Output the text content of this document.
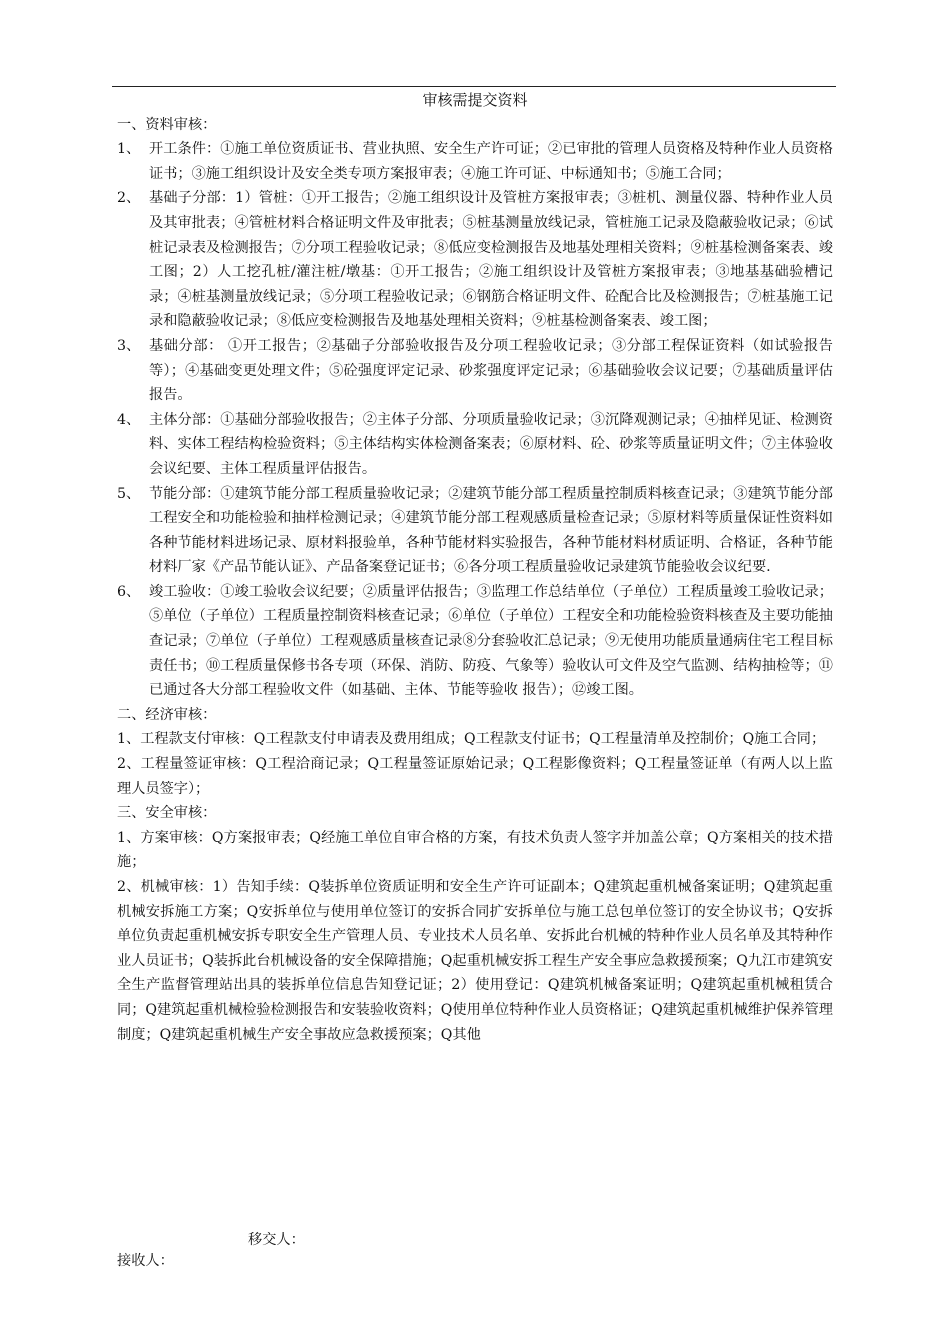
审核需提交资料

一、资料审核：

1、 开工条件：①施工单位资质证书、营业执照、安全生产许可证；②已审批的管理人员资格及特种作业人员资格证书；③施工组织设计及安全类专项方案报审表；④施工许可证、中标通知书；⑤施工合同；
2、 基础子分部：1）管桩：①开工报告；②施工组织设计及管桩方案报审表；③桩机、测量仪器、特种作业人员及其审批表；④管桩材料合格证明文件及审批表；⑤桩基测量放线记录，管桩施工记录及隐蔽验收记录；⑥试桩记录表及检测报告；⑦分项工程验收记录；⑧低应变检测报告及地基处理相关资料；⑨桩基检测备案表、竣工图；2）人工挖孔桩/灌注桩/墩基：①开工报告；②施工组织设计及管桩方案报审表；③地基基础验槽记录；④桩基测量放线记录；⑤分项工程验收记录；⑥钢筋合格证明文件、砼配合比及检测报告；⑦桩基施工记录和隐蔽验收记录；⑧低应变检测报告及地基处理相关资料；⑨桩基检测备案表、竣工图；
3、 基础分部： ①开工报告；②基础子分部验收报告及分项工程验收记录；③分部工程保证资料（如试验报告等）；④基础变更处理文件；⑤砼强度评定记录、砂浆强度评定记录；⑥基础验收会议记要；⑦基础质量评估报告。
4、 主体分部：①基础分部验收报告；②主体子分部、分项质量验收记录；③沉降观测记录；④抽样见证、检测资料、实体工程结构检验资料；⑤主体结构实体检测备案表；⑥原材料、砼、砂浆等质量证明文件；⑦主体验收会议纪要、主体工程质量评估报告。
5、 节能分部：①建筑节能分部工程质量验收记录；②建筑节能分部工程质量控制质料核查记录；③建筑节能分部工程安全和功能检验和抽样检测记录；④建筑节能分部工程观感质量检查记录；⑤原材料等质量保证性资料如各种节能材料进场记录、原材料报验单，各种节能材料实验报告，各种节能材料材质证明、合格证，各种节能材料厂家《产品节能认证》、产品备案登记证书；⑥各分项工程质量验收记录建筑节能验收会议纪要.
6、 竣工验收：①竣工验收会议纪要；②质量评估报告；③监理工作总结单位（子单位）工程质量竣工验收记录；⑤单位（子单位）工程质量控制资料核查记录；⑥单位（子单位）工程安全和功能检验资料核查及主要功能抽查记录；⑦单位（子单位）工程观感质量核查记录⑧分套验收汇总记录；⑨无使用功能质量通病住宅工程目标责任书；⑩工程质量保修书各专项（环保、消防、防疫、气象等）验收认可文件及空气监测、结构抽检等；⑪已通过各大分部工程验收文件（如基础、主体、节能等验收 报告）；⑫竣工图。

二、经济审核：

1、工程款支付审核：Q工程款支付申请表及费用组成；Q工程款支付证书；Q工程量清单及控制价；Q施工合同；

2、工程量签证审核：Q工程洽商记录；Q工程量签证原始记录；Q工程影像资料；Q工程量签证单（有两人以上监理人员签字）；

三、安全审核：

1、方案审核：Q方案报审表；Q经施工单位自审合格的方案，有技术负责人签字并加盖公章；Q方案相关的技术措施；

2、机械审核：1）告知手续：Q装拆单位资质证明和安全生产许可证副本；Q建筑起重机械备案证明；Q建筑起重机械安拆施工方案；Q安拆单位与使用单位签订的安拆合同扩安拆单位与施工总包单位签订的安全协议书；Q安拆单位负责起重机械安拆专职安全生产管理人员、专业技术人员名单、安拆此台机械的特种作业人员名单及其特种作业人员证书；Q装拆此台机械设备的安全保障措施；Q起重机械安拆工程生产安全事应急救援预案；Q九江市建筑安全生产监督管理站出具的装拆单位信息告知登记证；2）使用登记：Q建筑机械备案证明；Q建筑起重机械租赁合同；Q建筑起重机械检验检测报告和安装验收资料；Q使用单位特种作业人员资格证；Q建筑起重机械维护保养管理制度；Q建筑起重机械生产安全事故应急救援预案；Q其他

移交人：
接收人：
